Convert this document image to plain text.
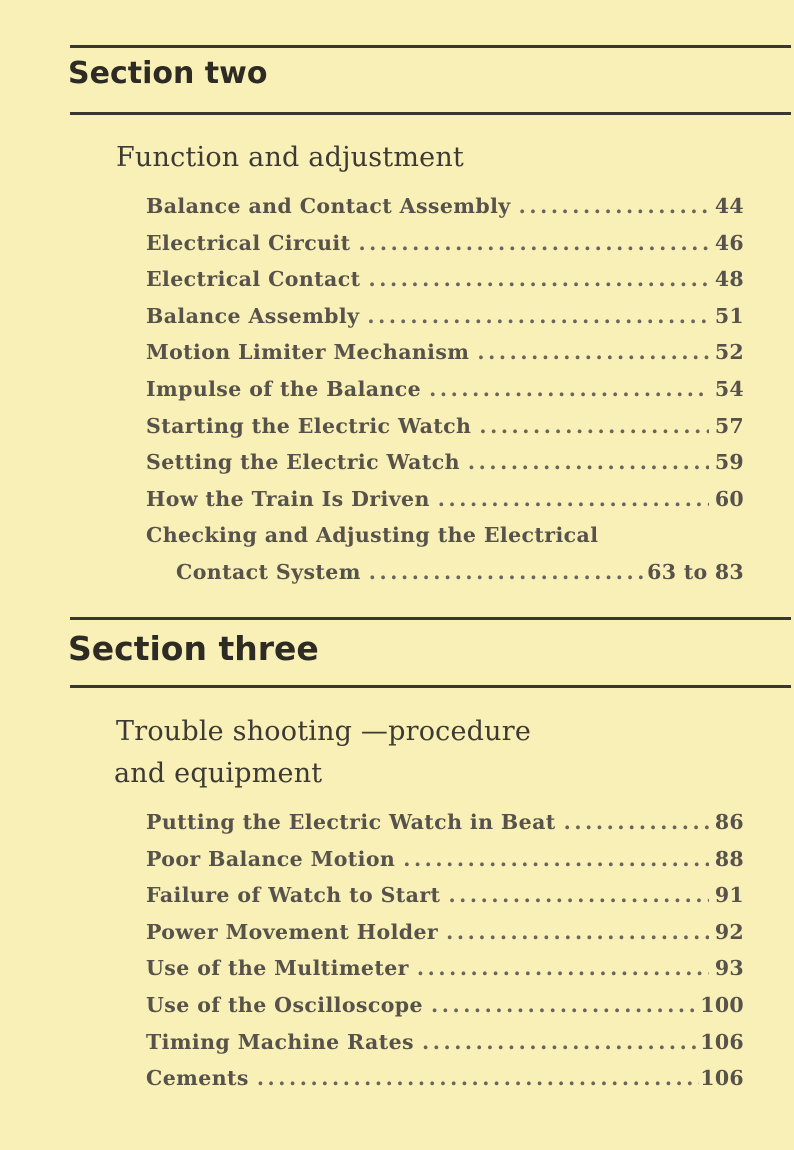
Section two
Function and adjustment
Balance and Contact Assembly .....	44
Electrical Circuit .....	46
Electrical Contact .....	48
Balance Assembly .....	51
Motion Limiter Mechanism .....	52
Impulse of the Balance .....	54
Starting the Electric Watch .....	57
Setting the Electric Watch .....	59
How the Train Is Driven .....	60
Checking and Adjusting the Electrical
Contact System .....	63 to 83
Section three
Trouble shooting —procedure
and equipment
Putting the Electric Watch in Beat .....	86
Poor Balance Motion .....	88
Failure of Watch to Start .....	91
Power Movement Holder .....	92
Use of the Multimeter .....	93
Use of the Oscilloscope .....	100
Timing Machine Rates .....	106
Cements .....	106
